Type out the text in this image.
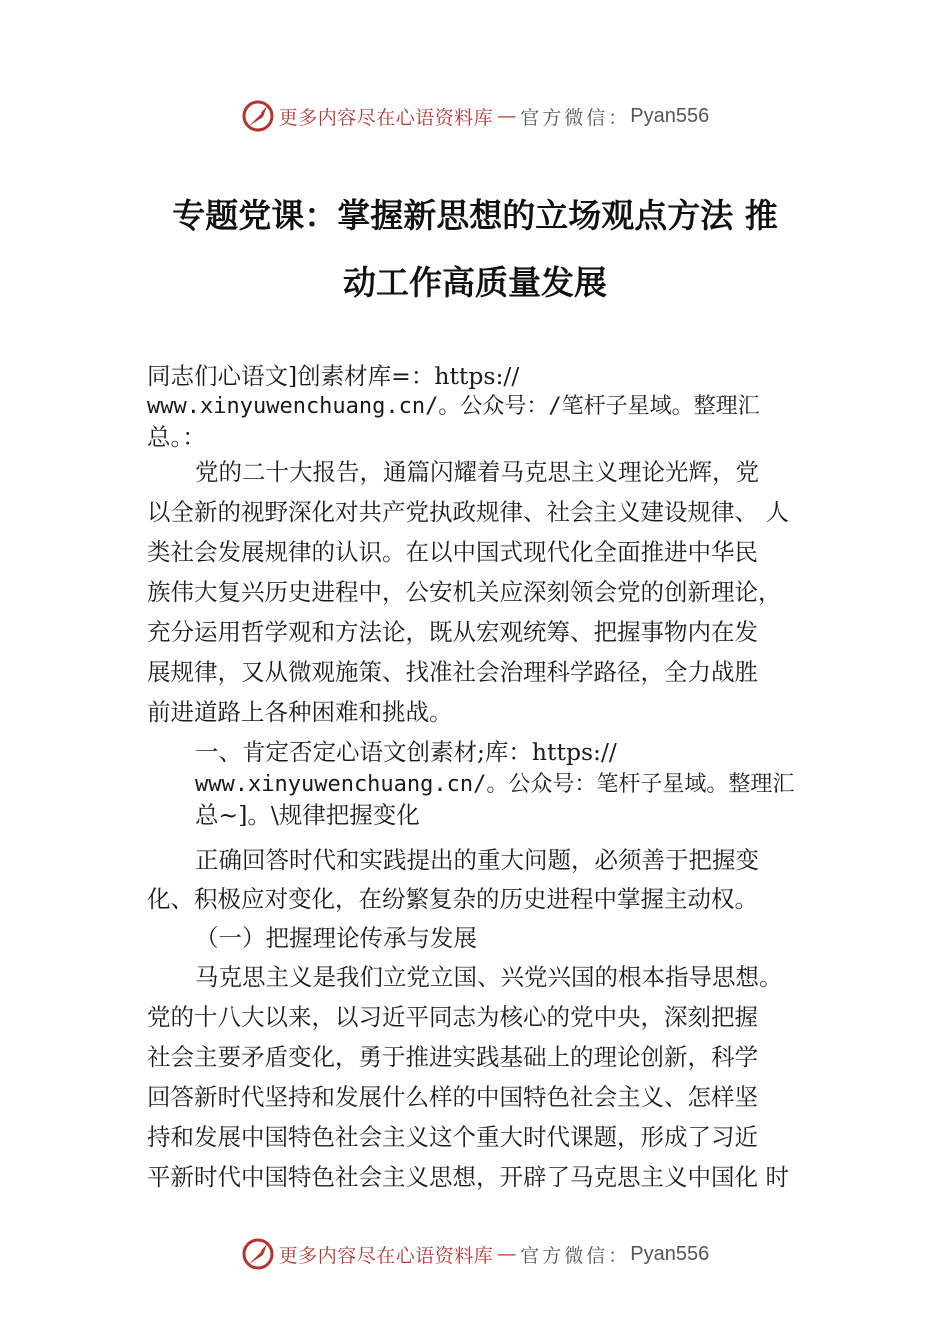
更多内容尽在心语资料库 — 官方微信： Pyan556
专题党课：掌握新思想的立场观点方法 推
动工作高质量发展
同志们心语文]创素材库=：https://
www.xinyuwenchuang.cn/。公众号：/笔杆子星域。整理汇
总。：
党的二十大报告，通篇闪耀着马克思主义理论光辉，党
以全新的视野深化对共产党执政规律、社会主义建设规律、 人
类社会发展规律的认识。在以中国式现代化全面推进中华民
族伟大复兴历史进程中，公安机关应深刻领会党的创新理论，
充分运用哲学观和方法论，既从宏观统筹、把握事物内在发
展规律，又从微观施策、找准社会治理科学路径，全力战胜
前进道路上各种困难和挑战。
一、肯定否定心语文创素材;库：https://
www.xinyuwenchuang.cn/。公众号：笔杆子星域。整理汇
总~]。\规律把握变化
正确回答时代和实践提出的重大问题，必须善于把握变
化、积极应对变化，在纷繁复杂的历史进程中掌握主动权。
（一）把握理论传承与发展
马克思主义是我们立党立国、兴党兴国的根本指导思想。
党的十八大以来，以习近平同志为核心的党中央，深刻把握
社会主要矛盾变化，勇于推进实践基础上的理论创新，科学
回答新时代坚持和发展什么样的中国特色社会主义、怎样坚
持和发展中国特色社会主义这个重大时代课题，形成了习近
平新时代中国特色社会主义思想，开辟了马克思主义中国化 时
更多内容尽在心语资料库 — 官方微信： Pyan556
